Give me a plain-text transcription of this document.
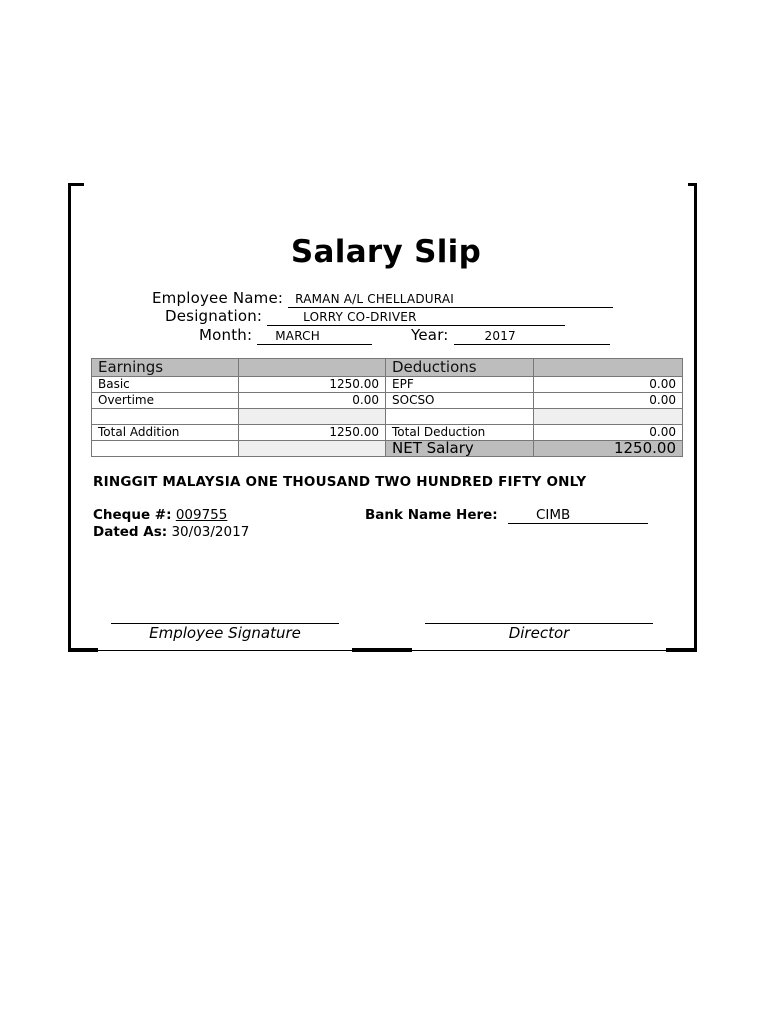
Salary Slip
Employee Name: RAMAN A/L CHELLADURAI
Designation:	LORRY CO-DRIVER
Month: MARCH	Year:	2017
Earnings		Deductions	
Basic	1250.00	EPF	0.00
Overtime	0.00	SOCSO	0.00

Total Addition	1250.00	Total Deduction	0.00
		NET Salary	1250.00
RINGGIT MALAYSIA ONE THOUSAND TWO HUNDRED FIFTY ONLY
Cheque #: 009755
Dated As: 30/03/2017
Bank Name Here:	CIMB
Employee Signature	Director
